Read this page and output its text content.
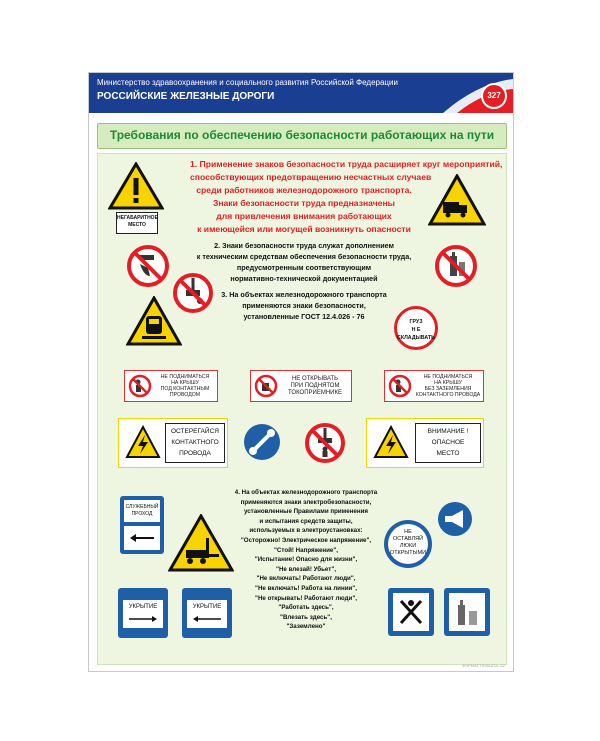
Министерство здравоохранения и социального развития Российской Федерации
РОССИЙСКИЕ ЖЕЛЕЗНЫЕ ДОРОГИ	327
Требования по обеспечению безопасности работающих на пути
1. Применение знаков безопасности труда расширяет круг мероприятий,
способствующих предотвращению несчастных случаев
среди работников железнодорожного транспорта.
Знаки безопасности труда предназначены
для привлечения внимания работающих
к имеющейся или могущей возникнуть опасности
2. Знаки безопасности труда служат дополнением
к техническим средствам обеспечения безопасности труда,
предусмотренным соответствующим
нормативно-технической документацией
3. На объектах железнодорожного транспорта
применяются знаки безопасности,
установленные ГОСТ 12.4.026 - 76
НЕГАБАРИТНОЕ МЕСТО
ГРУЗ
Н Е
СКЛАДЫВАТЬ
НЕ ПОДНИМАТЬСЯ
НА КРЫШУ
ПОД КОНТАКТНЫМ
ПРОВОДОМ
НЕ ОТКРЫВАТЬ
ПРИ ПОДНЯТОМ
ТОКОПРИЕМНИКЕ
НЕ ПОДНИМАТЬСЯ
НА КРЫШУ
БЕЗ ЗАЗЕМЛЕНИЯ
КОНТАКТНОГО ПРОВОДА
ОСТЕРЕГАЙСЯ
КОНТАКТНОГО
ПРОВОДА
ВНИМАНИЕ !
ОПАСНОЕ
МЕСТО
4. На объектах железнодорожного транспорта
применяются знаки электробезопасности,
установленные Правилами применения
и испытания средств защиты,
используемых в электроустановках:
"Осторожно! Электрическое напряжение",
"Стой! Напряжение",
"Испытание! Опасно для жизни",
"Не влезай! Убьет",
"Не включать! Работают люди",
"Не включать! Работа на линии",
"Не открывать! Работают люди",
"Работать здесь",
"Влезать здесь",
"Заземлено"
СЛУЖЕБНЫЙ
ПРОХОД
НЕ
ОСТАВЛЯЙ
ЛЮКИ
ОТКРЫТЫМИ
УКРЫТИЕ	УКРЫТИЕ
ФОРМАТ ПЛАКАТА: А2
